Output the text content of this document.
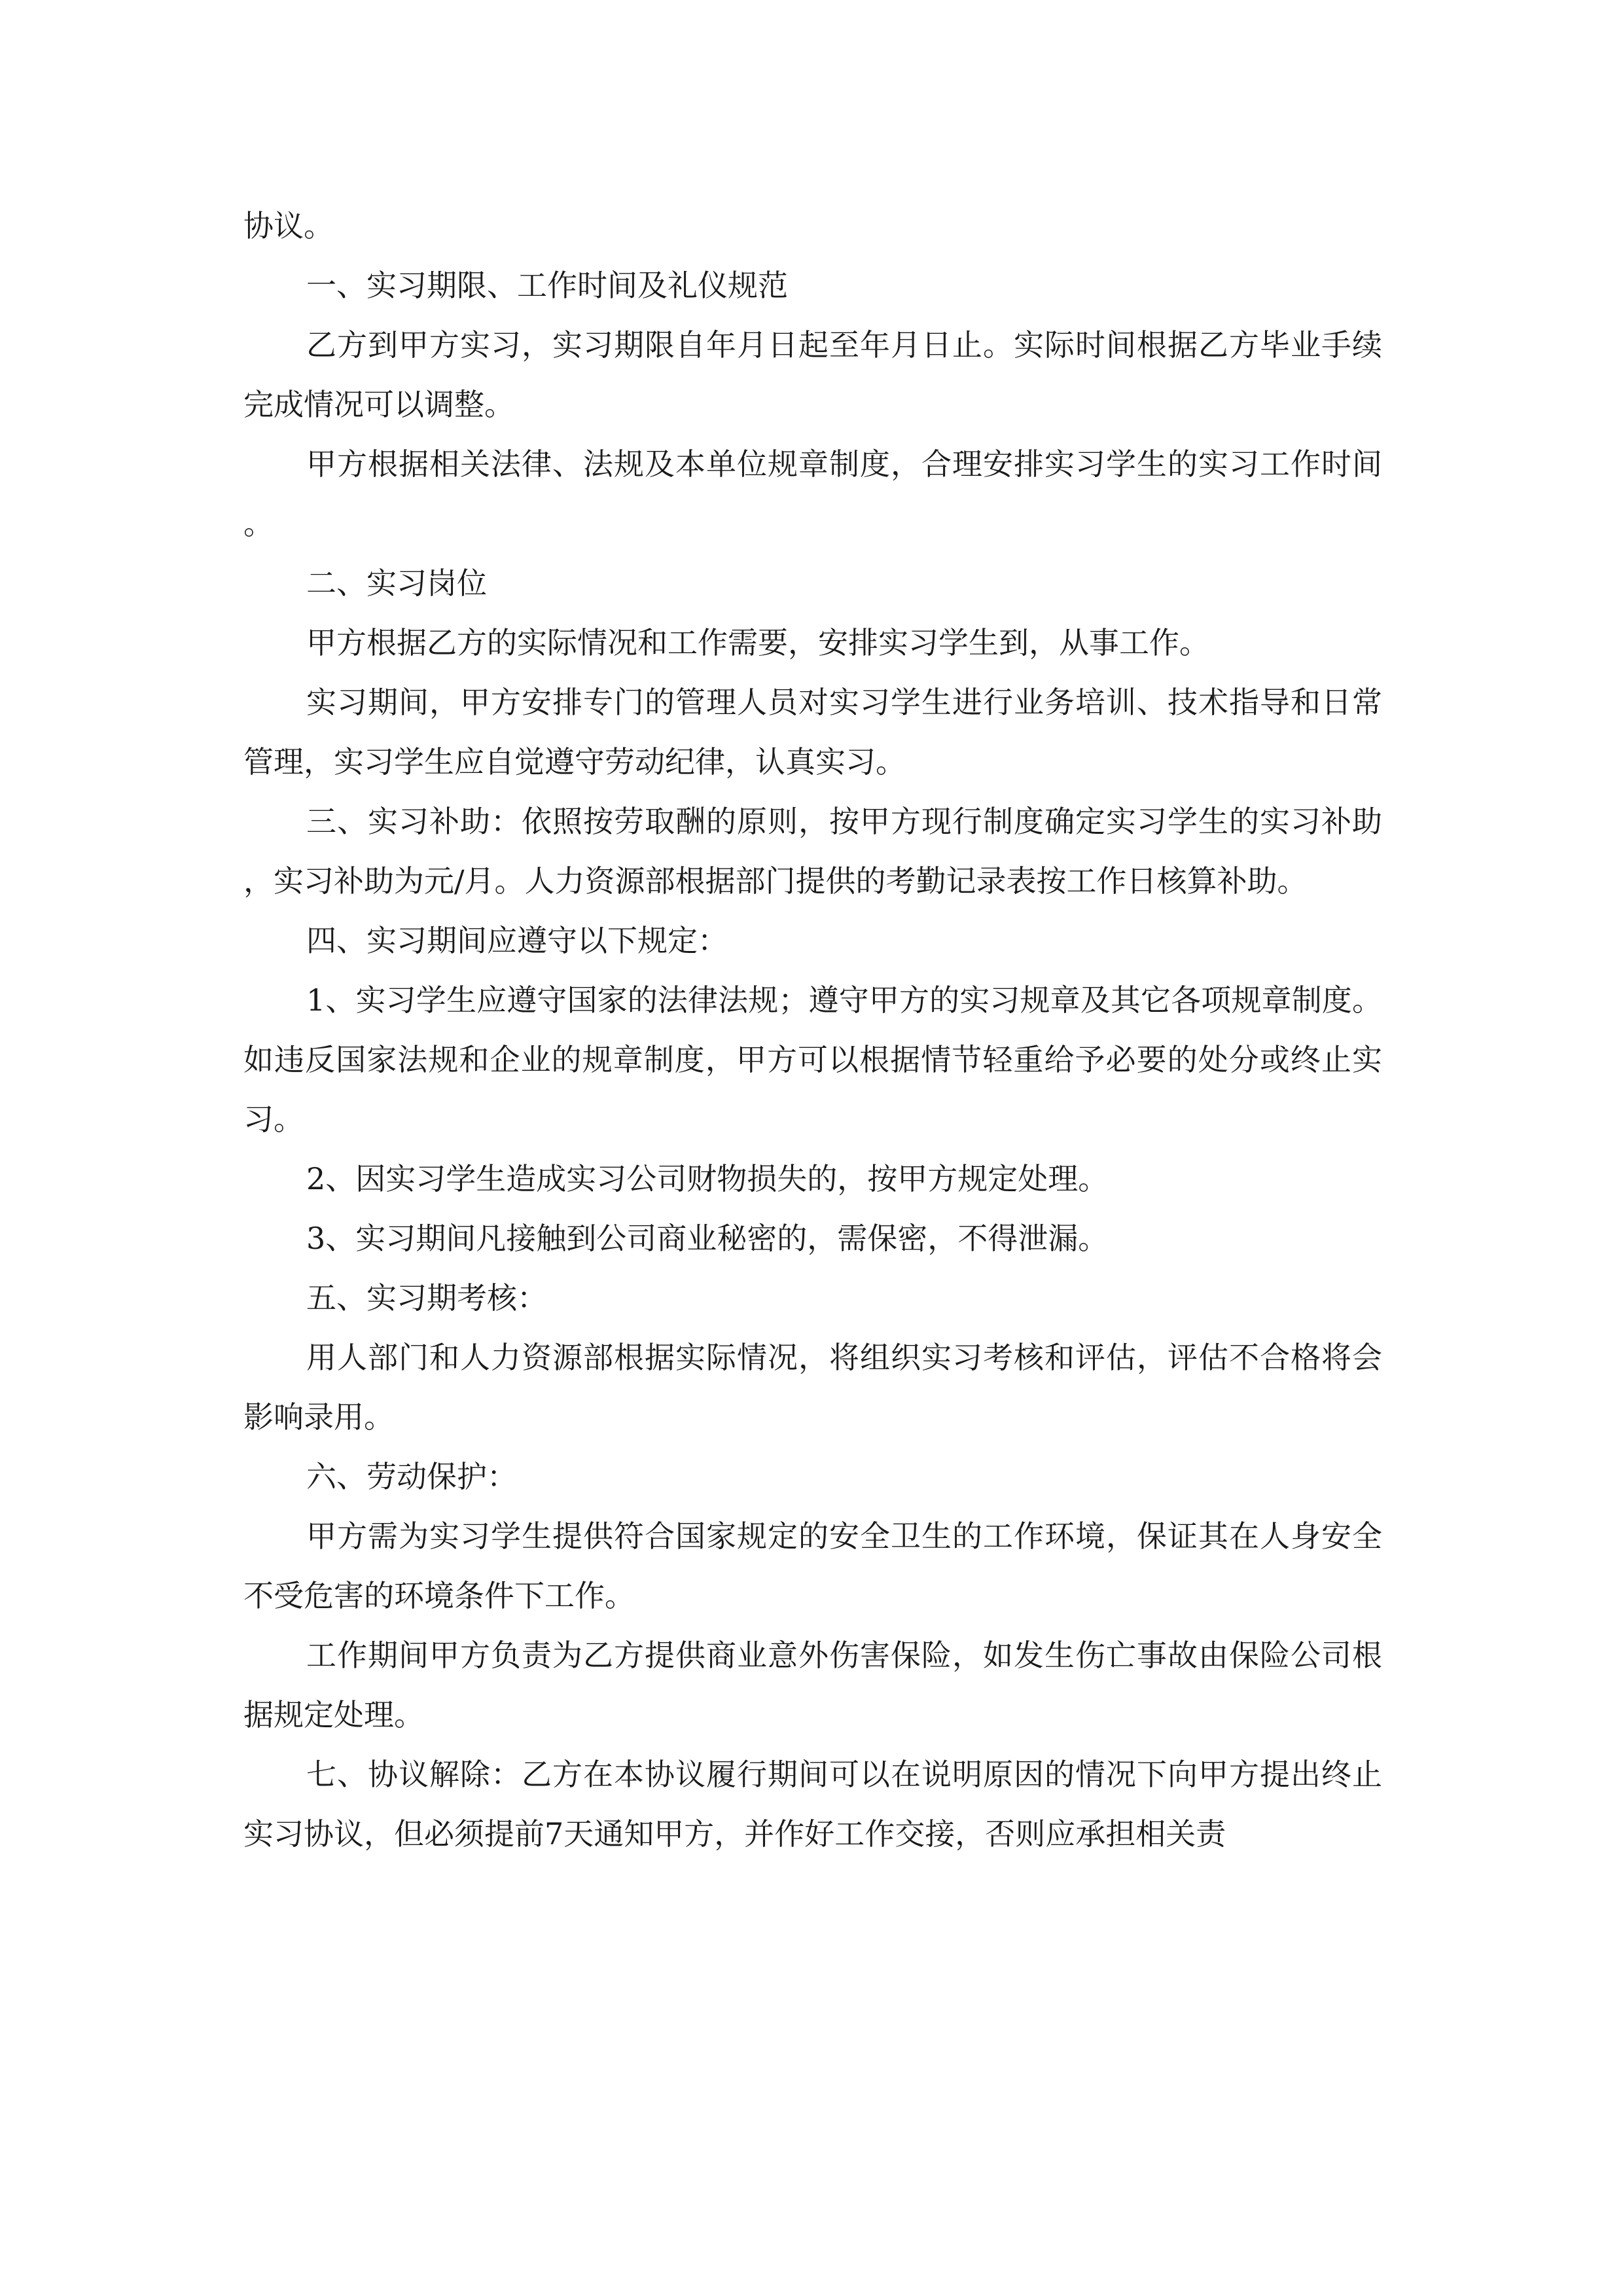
协议。

一、实习期限、工作时间及礼仪规范

乙方到甲方实习，实习期限自年月日起至年月日止。实际时间根据乙方毕业手续完成情况可以调整。

甲方根据相关法律、法规及本单位规章制度，合理安排实习学生的实习工作时间。

二、实习岗位

甲方根据乙方的实际情况和工作需要，安排实习学生到，从事工作。

实习期间，甲方安排专门的管理人员对实习学生进行业务培训、技术指导和日常管理，实习学生应自觉遵守劳动纪律，认真实习。

三、实习补助：依照按劳取酬的原则，按甲方现行制度确定实习学生的实习补助，实习补助为元/月。人力资源部根据部门提供的考勤记录表按工作日核算补助。

四、实习期间应遵守以下规定：

1、实习学生应遵守国家的法律法规；遵守甲方的实习规章及其它各项规章制度。如违反国家法规和企业的规章制度，甲方可以根据情节轻重给予必要的处分或终止实习。

2、因实习学生造成实习公司财物损失的，按甲方规定处理。

3、实习期间凡接触到公司商业秘密的，需保密，不得泄漏。

五、实习期考核：

用人部门和人力资源部根据实际情况，将组织实习考核和评估，评估不合格将会影响录用。

六、劳动保护：

甲方需为实习学生提供符合国家规定的安全卫生的工作环境，保证其在人身安全不受危害的环境条件下工作。

工作期间甲方负责为乙方提供商业意外伤害保险，如发生伤亡事故由保险公司根据规定处理。

七、协议解除：乙方在本协议履行期间可以在说明原因的情况下向甲方提出终止实习协议，但必须提前7天通知甲方，并作好工作交接，否则应承担相关责
